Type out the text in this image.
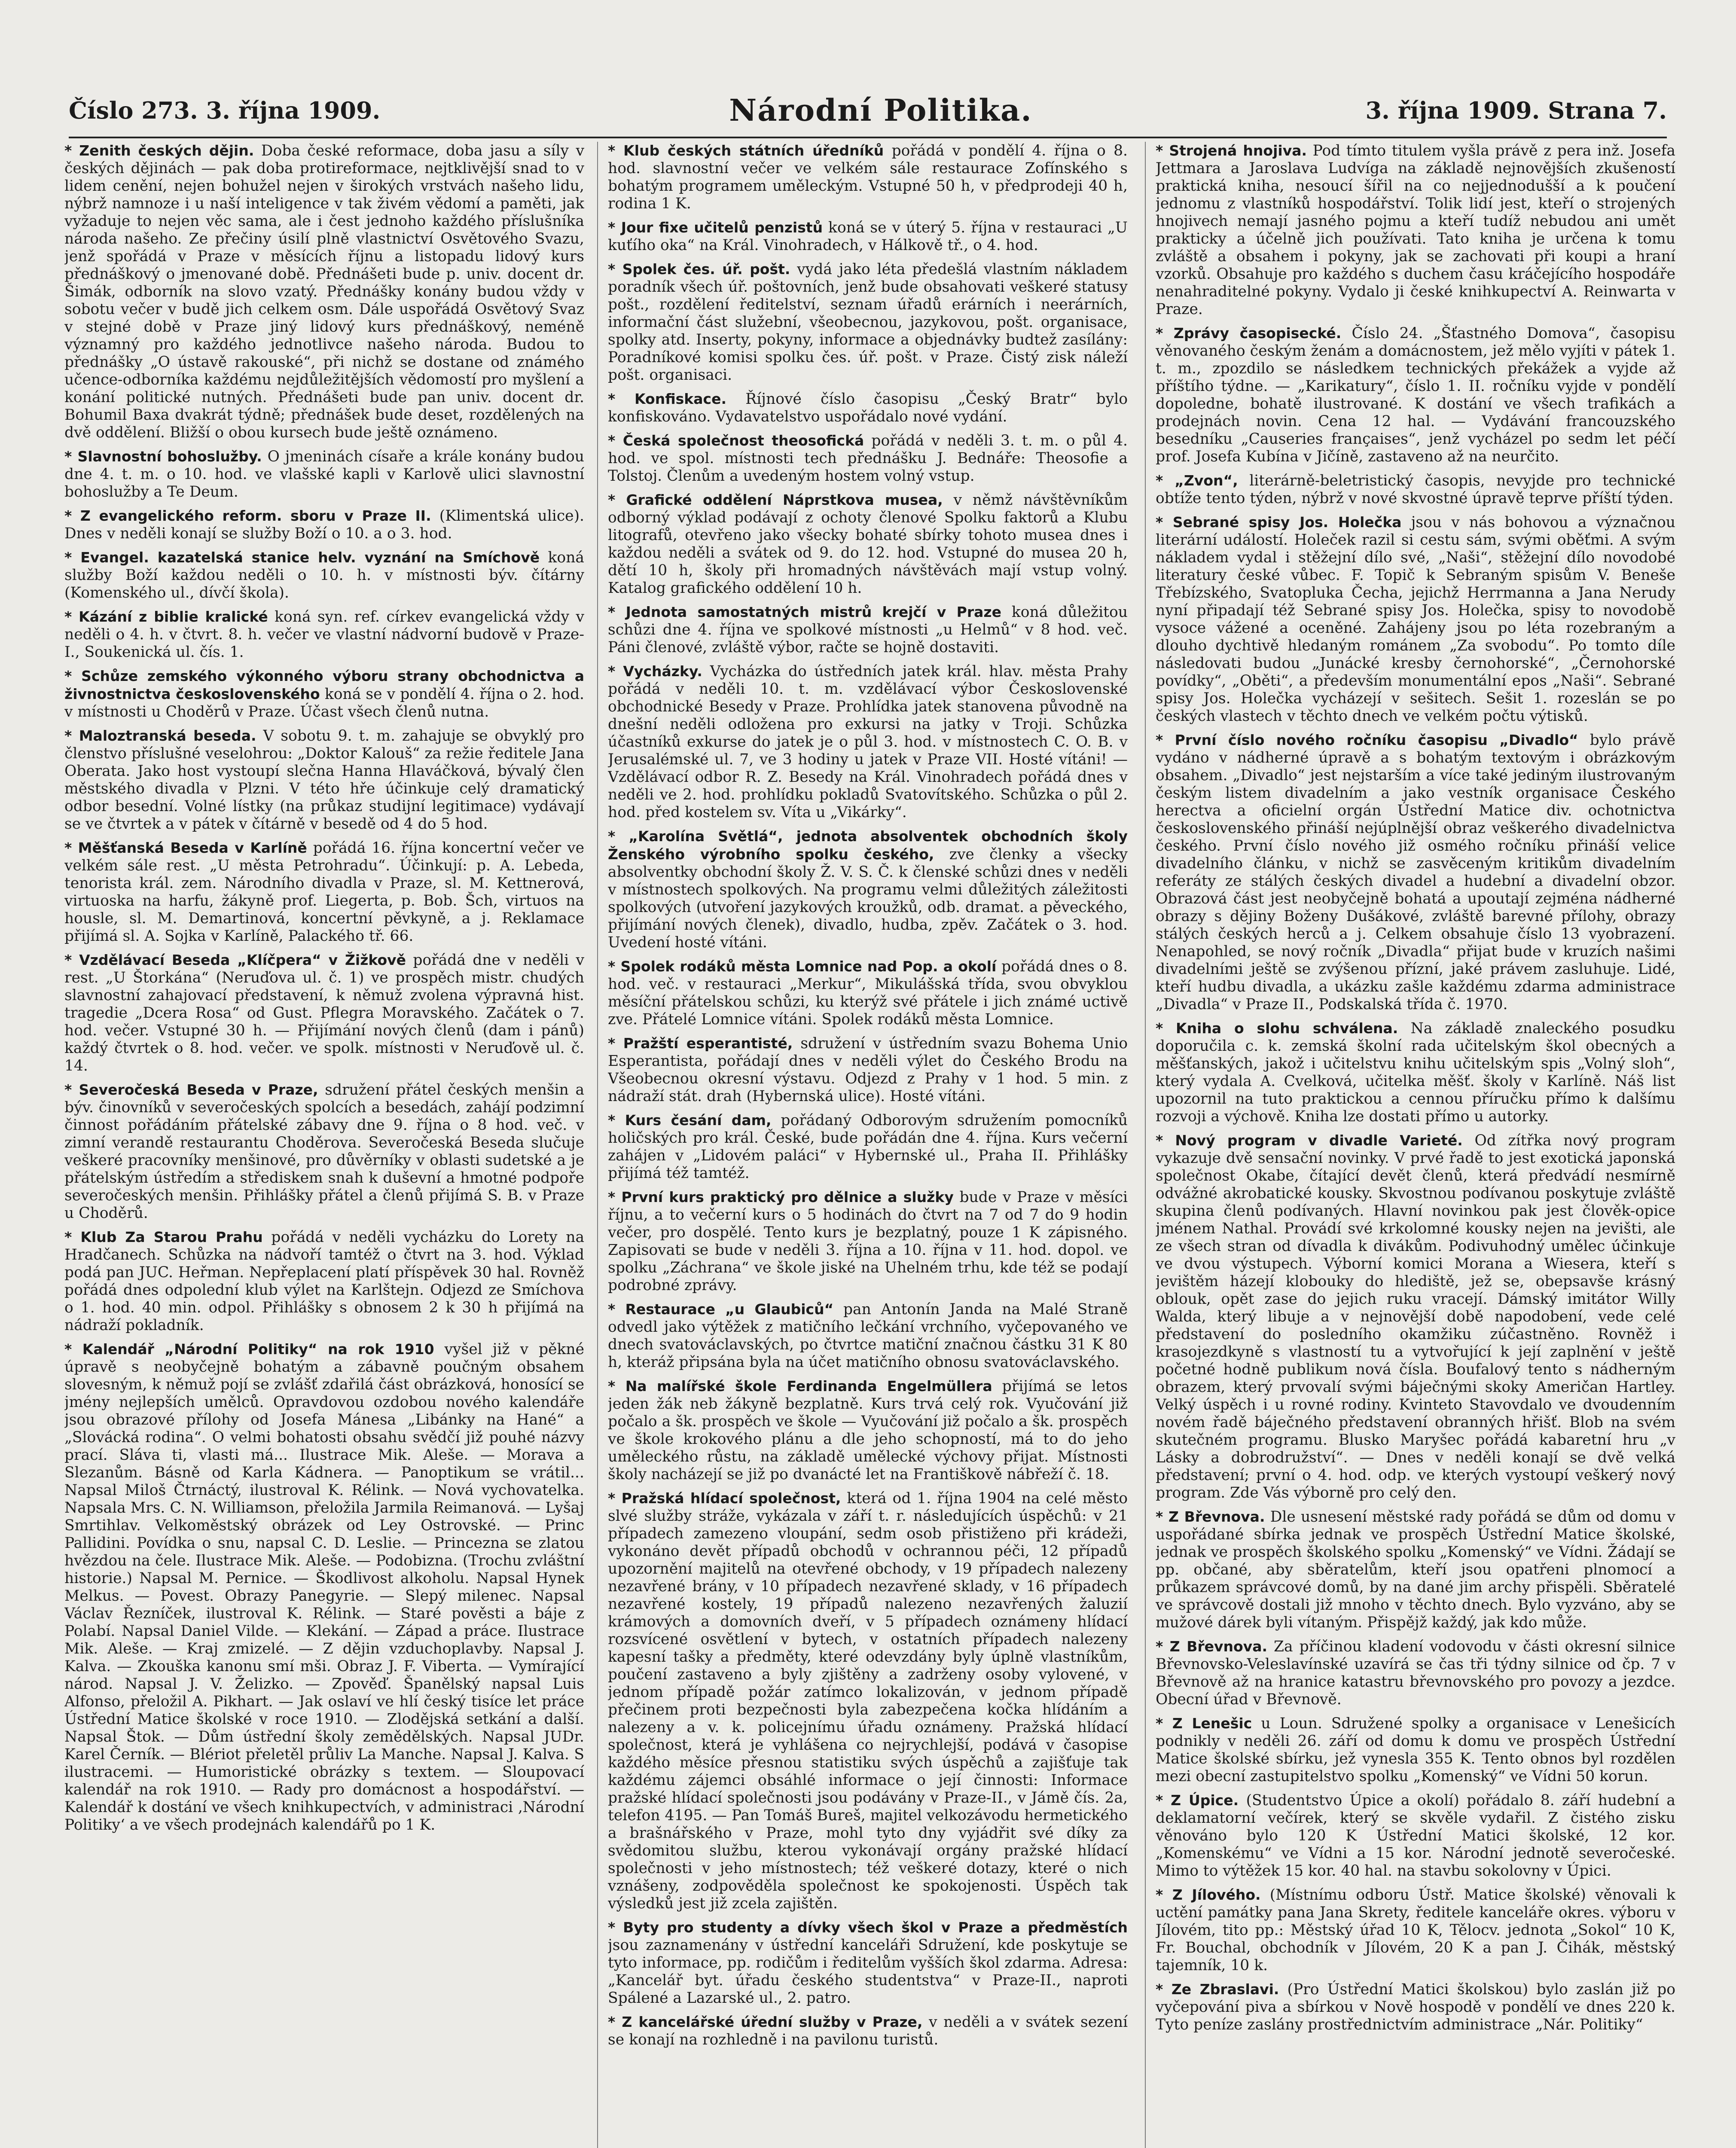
Číslo 273. 3. října 1909.	Národní Politika.	3. října 1909. Strana 7.

* Zenith českých dějin. Doba české reformace, doba jasu a síly v českých dějinách — pak doba protireformace, nejtklivější snad to v lidem cenění, nejen bohužel nejen v širokých vrstvách našeho lidu, nýbrž namnoze i u naší inteligence v tak živém vědomí a paměti, jak vyžaduje to nejen věc sama, ale i čest jednoho každého příslušníka národa našeho. Ze přečiny úsilí plně vlastnictví Osvětového Svazu, jenž spořádá v Praze v měsících říjnu a listopadu lidový kurs přednáškový o jmenované době. Přednášeti bude p. univ. docent dr. Šimák, odborník na slovo vzatý. Přednášky konány budou vždy v sobotu večer v budě jich celkem osm. Dále uspořádá Osvětový Svaz v stejné době v Praze jiný lidový kurs přednáškový, neméně významný pro každého jednotlivce našeho národa. Budou to přednášky „O ústavě rakouské“, při nichž se dostane od známého učence-odborníka každému nejdůležitějších vědomostí pro myšlení a konání politické nutných. Přednášeti bude pan univ. docent dr. Bohumil Baxa dvakrát týdně; přednášek bude deset, rozdělených na dvě oddělení. Bližší o obou kursech bude ještě oznámeno.

* Slavnostní bohoslužby. O jmeninách císaře a krále konány budou dne 4. t. m. o 10. hod. ve vlašské kapli v Karlově ulici slavnostní bohoslužby a Te Deum.

* Z evangelického reform. sboru v Praze II. (Klimentská ulice). Dnes v neděli konají se služby Boží o 10. a o 3. hod.

* Evangel. kazatelská stanice helv. vyznání na Smíchově koná služby Boží každou neděli o 10. h. v místnosti býv. čítárny (Komenského ul., dívčí škola).

* Kázání z biblie kralické koná syn. ref. církev evangelická vždy v neděli o 4. h. v čtvrt. 8. h. večer ve vlastní nádvorní budově v Praze-I., Soukenická ul. čís. 1.

* Schůze zemského výkonného výboru strany obchodnictva a živnostnictva československého koná se v pondělí 4. října o 2. hod. v místnosti u Choděrů v Praze. Účast všech členů nutna.

* Maloztranská beseda. V sobotu 9. t. m. zahajuje se obvyklý pro členstvo příslušné veselohrou: „Doktor Kalouš“ za režie ředitele Jana Oberata. Jako host vystoupí slečna Hanna Hlaváčková, bývalý člen městského divadla v Plzni. V této hře účinkuje celý dramatický odbor besední. Volné lístky (na průkaz studijní legitimace) vydávají se ve čtvrtek a v pátek v čítárně v besedě od 4 do 5 hod.

* Měšťanská Beseda v Karlíně pořádá 16. října koncertní večer ve velkém sále rest. „U města Petrohradu“. Účinkují: p. A. Lebeda, tenorista král. zem. Národního divadla v Praze, sl. M. Kettnerová, virtuoska na harfu, žákyně prof. Liegerta, p. Bob. Šch, virtuos na housle, sl. M. Demartinová, koncertní pěvkyně, a j. Reklamace přijímá sl. A. Sojka v Karlíně, Palackého tř. 66.

* Vzdělávací Beseda „Klíčpera“ v Žižkově pořádá dne v neděli v rest. „U Štorkána“ (Neruďova ul. č. 1) ve prospěch mistr. chudých slavnostní zahajovací představení, k němuž zvolena výpravná hist. tragedie „Dcera Rosa“ od Gust. Pflegra Moravského. Začátek o 7. hod. večer. Vstupné 30 h. — Přijímání nových členů (dam i pánů) každý čtvrtek o 8. hod. večer. ve spolk. místnosti v Neruďově ul. č. 14.

* Severočeská Beseda v Praze, sdružení přátel českých menšin a býv. činovníků v severočeských spolcích a besedách, zahájí podzimní činnost pořádáním přátelské zábavy dne 9. října o 8 hod. več. v zimní verandě restaurantu Choděrova. Severočeská Beseda slučuje veškeré pracovníky menšinové, pro důvěrníky v oblasti sudetské a je přátelským ústředím a střediskem snah k duševní a hmotné podpoře severočeských menšin. Přihlášky přátel a členů přijímá S. B. v Praze u Choděrů.

* Klub Za Starou Prahu pořádá v neděli vycházku do Lorety na Hradčanech. Schůzka na nádvoří tamtéž o čtvrt na 3. hod. Výklad podá pan JUC. Heřman. Nepřeplacení platí příspěvek 30 hal. Rovněž pořádá dnes odpolední klub výlet na Karlštejn. Odjezd ze Smíchova o 1. hod. 40 min. odpol. Přihlášky s obnosem 2 k 30 h přijímá na nádraží pokladník.

* Kalendář „Národní Politiky“ na rok 1910 vyšel již v pěkné úpravě s neobyčejně bohatým a zábavně poučným obsahem slovesným, k němuž pojí se zvlášť zdařilá část obrázková, honosící se jmény nejlepších umělců. Opravdovou ozdobou nového kalendáře jsou obrazové přílohy od Josefa Mánesa „Libánky na Hané“ a „Slovácká rodina“. O velmi bohatosti obsahu svědčí již pouhé názvy prací. Sláva ti, vlasti má... Ilustrace Mik. Aleše. — Morava a Slezanům. Básně od Karla Kádnera. — Panoptikum se vrátil... Napsal Miloš Čtrnáctý, ilustroval K. Rélink. — Nová vychovatelka. Napsala Mrs. C. N. Williamson, přeložila Jarmila Reimanová. — Lyšaj Smrtihlav. Velkoměstský obrázek od Ley Ostrovské. — Princ Pallidini. Povídka o snu, napsal C. D. Leslie. — Princezna se zlatou hvězdou na čele. Ilustrace Mik. Aleše. — Podobizna. (Trochu zvláštní historie.) Napsal M. Pernice. — Škodlivost alkoholu. Napsal Hynek Melkus. — Povest. Obrazy Panegyrie. — Slepý milenec. Napsal Václav Řezníček, ilustroval K. Rélink. — Staré pověsti a báje z Polabí. Napsal Daniel Vilde. — Klekání. — Západ a práce. Ilustrace Mik. Aleše. — Kraj zmizelé. — Z dějin vzduchoplavby. Napsal J. Kalva. — Zkouška kanonu smí mši. Obraz J. F. Viberta. — Vymírající národ. Napsal J. V. Želizko. — Zpověď. Španělský napsal Luis Alfonso, přeložil A. Pikhart. — Jak oslaví ve hlí český tisíce let práce Ústřední Matice školské v roce 1910. — Zlodějská setkání a další. Napsal Štok. — Dům ústřední školy zemědělských. Napsal JUDr. Karel Černík. — Blériot přeletěl průliv La Manche. Napsal J. Kalva. S ilustracemi. — Humoristické obrázky s textem. — Sloupovací kalendář na rok 1910. — Rady pro domácnost a hospodářství. — Kalendář k dostání ve všech knihkupectvích, v administraci ‚Národní Politiky‘ a ve všech prodejnách kalendářů po 1 K.

* Klub českých státních úředníků pořádá v pondělí 4. října o 8. hod. slavnostní večer ve velkém sále restaurace Zofínského s bohatým programem uměleckým. Vstupné 50 h, v předprodeji 40 h, rodina 1 K.

* Jour fixe učitelů penzistů koná se v úterý 5. října v restauraci „U kuťího oka“ na Král. Vinohradech, v Hálkově tř., o 4. hod.

* Spolek čes. úř. pošt. vydá jako léta předešlá vlastním nákladem poradník všech úř. poštovních, jenž bude obsahovati veškeré statusy pošt., rozdělení ředitelství, seznam úřadů erárních i neerárních, informační část služební, všeobecnou, jazykovou, pošt. organisace, spolky atd. Inserty, pokyny, informace a objednávky budtež zasílány: Poradníkové komisi spolku čes. úř. pošt. v Praze. Čistý zisk náleží pošt. organisaci.

* Konfiskace. Říjnové číslo časopisu „Český Bratr“ bylo konfiskováno. Vydavatelstvo uspořádalo nové vydání.

* Česká společnost theosofická pořádá v neděli 3. t. m. o půl 4. hod. ve spol. místnosti tech přednášku J. Bednáře: Theosofie a Tolstoj. Členům a uvedeným hostem volný vstup.

* Grafické oddělení Náprstkova musea, v němž návštěvníkům odborný výklad podávají z ochoty členové Spolku faktorů a Klubu litografů, otevřeno jako všecky bohaté sbírky tohoto musea dnes i každou neděli a svátek od 9. do 12. hod. Vstupné do musea 20 h, dětí 10 h, školy při hromadných návštěvách mají vstup volný. Katalog grafického oddělení 10 h.

* Jednota samostatných mistrů krejčí v Praze koná důležitou schůzi dne 4. října ve spolkové místnosti „u Helmů“ v 8 hod. več. Páni členové, zvláště výbor, račte se hojně dostaviti.

* Vycházky. Vycházka do ústředních jatek král. hlav. města Prahy pořádá v neděli 10. t. m. vzdělávací výbor Československé obchodnické Besedy v Praze. Prohlídka jatek stanovena původně na dnešní neděli odložena pro exkursi na jatky v Troji. Schůzka účastníků exkurse do jatek je o půl 3. hod. v místnostech C. O. B. v Jerusalémské ul. 7, ve 3 hodiny u jatek v Praze VII. Hosté vítáni! — Vzdělávací odbor R. Z. Besedy na Král. Vinohradech pořádá dnes v neděli ve 2. hod. prohlídku pokladů Svatovítského. Schůzka o půl 2. hod. před kostelem sv. Víta u „Vikárky“.

* „Karolína Světlá“, jednota absolventek obchodních školy Ženského výrobního spolku českého, zve členky a všecky absolventky obchodní školy Ž. V. S. Č. k členské schůzi dnes v neděli v místnostech spolkových. Na programu velmi důležitých záležitosti spolkových (utvoření jazykových kroužků, odb. dramat. a pěveckého, přijímání nových členek), divadlo, hudba, zpěv. Začátek o 3. hod. Uvedení hosté vítáni.

* Spolek rodáků města Lomnice nad Pop. a okolí pořádá dnes o 8. hod. več. v restauraci „Merkur“, Mikulášská třída, svou obvyklou měsíční přátelskou schůzi, ku kterýž své přátele i jich známé uctivě zve. Přátelé Lomnice vítáni. Spolek rodáků města Lomnice.

* Pražští esperantisté, sdružení v ústředním svazu Bohema Unio Esperantista, pořádají dnes v neděli výlet do Českého Brodu na Všeobecnou okresní výstavu. Odjezd z Prahy v 1 hod. 5 min. z nádraží stát. drah (Hybernská ulice). Hosté vítáni.

* Kurs česání dam, pořádaný Odborovým sdružením pomocníků holičských pro král. České, bude pořádán dne 4. října. Kurs večerní zahájen v „Lidovém paláci“ v Hybernské ul., Praha II. Přihlášky přijímá též tamtéž.

* První kurs praktický pro dělnice a služky bude v Praze v měsíci říjnu, a to večerní kurs o 5 hodinách do čtvrt na 7 od 7 do 9 hodin večer, pro dospělé. Tento kurs je bezplatný, pouze 1 K zápisného. Zapisovati se bude v neděli 3. října a 10. října v 11. hod. dopol. ve spolku „Záchrana“ ve škole jiské na Uhelném trhu, kde též se podají podrobné zprávy.

* Restaurace „u Glaubiců“ pan Antonín Janda na Malé Straně odvedl jako výtěžek z matičního lečkání vrchního, vyčepovaného ve dnech svatováclavských, po čtvrtce matiční značnou částku 31 K 80 h, kteráž připsána byla na účet matičního obnosu svatováclavského.

* Na malířské škole Ferdinanda Engelmüllera přijímá se letos jeden žák neb žákyně bezplatně. Kurs trvá celý rok. Vyučování již počalo a šk. prospěch ve škole — Vyučování již počalo a šk. prospěch ve škole krokového plánu a dle jeho schopností, má to do jeho uměleckého růstu, na základě umělecké výchovy přijat. Místnosti školy nacházejí se již po dvanácté let na Františkově nábřeží č. 18.

* Pražská hlídací společnost, která od 1. října 1904 na celé město slvé služby stráže, vykázala v září t. r. následujících úspěchů: v 21 případech zamezeno vloupání, sedm osob přistiženo při krádeži, vykonáno devět případů obchodů v ochrannou péči, 12 případů upozornění majitelů na otevřené obchody, v 19 případech nalezeny nezavřené brány, v 10 případech nezavřené sklady, v 16 případech nezavřené kostely, 19 případů nalezeno nezavřených žaluzií krámových a domovních dveří, v 5 případech oznámeny hlídací rozsvícené osvětlení v bytech, v ostatních případech nalezeny kapesní tašky a předměty, které odevzdány byly úplně vlastníkům, poučení zastaveno a byly zjištěny a zadrženy osoby vylovené, v jednom případě požár zatímco lokalizován, v jednom případě přečinem proti bezpečnosti byla zabezpečena kočka hlídáním a nalezeny a v. k. policejnímu úřadu oznámeny. Pražská hlídací společnost, která je vyhlášena co nejrychlejší, podává v časopise každého měsíce přesnou statistiku svých úspěchů a zajišťuje tak každému zájemci obsáhlé informace o její činnosti: Informace pražské hlídací společnosti jsou podávány v Praze-II., v Jámě čís. 2a, telefon 4195. — Pan Tomáš Bureš, majitel velkozávodu hermetického a brašnářského v Praze, mohl tyto dny vyjádřit své díky za svědomitou službu, kterou vykonávají orgány pražské hlídací společnosti v jeho místnostech; též veškeré dotazy, které o nich vznášeny, zodpověděla společnost ke spokojenosti. Úspěch tak výsledků jest již zcela zajištěn.

* Byty pro studenty a dívky všech škol v Praze a předměstích jsou zaznamenány v ústřední kanceláři Sdružení, kde poskytuje se tyto informace, pp. rodičům i ředitelům vyšších škol zdarma. Adresa: „Kancelář byt. úřadu českého studentstva“ v Praze-II., naproti Spálené a Lazarské ul., 2. patro.

* Z kancelářské úřední služby v Praze, v neděli a v svátek sezení se konají na rozhledně i na pavilonu turistů.

* Strojená hnojiva. Pod tímto titulem vyšla právě z pera inž. Josefa Jettmara a Jaroslava Ludvíga na základě nejnovějších zkušeností praktická kniha, nesoucí šířil na co nejjednodušší a k poučení jednomu z vlastníků hospodářství. Tolik lidí jest, kteří o strojených hnojivech nemají jasného pojmu a kteří tudíž nebudou ani umět prakticky a účelně jich používati. Tato kniha je určena k tomu zvláště a obsahem i pokyny, jak se zachovati při koupi a hraní vzorků. Obsahuje pro každého s duchem času kráčejícího hospodáře nenahraditelné pokyny. Vydalo ji české knihkupectví A. Reinwarta v Praze.

* Zprávy časopisecké. Číslo 24. „Šťastného Domova“, časopisu věnovaného českým ženám a domácnostem, jež mělo vyjíti v pátek 1. t. m., zpozdilo se následkem technických překážek a vyjde až příštího týdne. — „Karikatury“, číslo 1. II. ročníku vyjde v pondělí dopoledne, bohatě ilustrované. K dostání ve všech trafikách a prodejnách novin. Cena 12 hal. — Vydávání francouzského besedníku „Causeries françaises“, jenž vycházel po sedm let péčí prof. Josefa Kubína v Jičíně, zastaveno až na neurčito.

* „Zvon“, literárně-beletristický časopis, nevyjde pro technické obtíže tento týden, nýbrž v nové skvostné úpravě teprve příští týden.

* Sebrané spisy Jos. Holečka jsou v nás bohovou a význačnou literární událostí. Holeček razil si cestu sám, svými oběťmi. A svým nákladem vydal i stěžejní dílo své, „Naši“, stěžejní dílo novodobé literatury české vůbec. F. Topič k Sebraným spisům V. Beneše Třebízského, Svatopluka Čecha, jejichž Herrmanna a Jana Nerudy nyní připadají též Sebrané spisy Jos. Holečka, spisy to novodobě vysoce vážené a oceněné. Zahájeny jsou po léta rozebraným a dlouho dychtivě hledaným románem „Za svobodu“. Po tomto díle následovati budou „Junácké kresby černohorské“, „Černohorské povídky“, „Oběti“, a především monumentální epos „Naši“. Sebrané spisy Jos. Holečka vycházejí v sešitech. Sešit 1. rozeslán se po českých vlastech v těchto dnech ve velkém počtu výtisků.

* První číslo nového ročníku časopisu „Divadlo“ bylo právě vydáno v nádherné úpravě a s bohatým textovým i obrázkovým obsahem. „Divadlo“ jest nejstarším a více také jediným ilustrovaným českým listem divadelním a jako vestník organisace Českého herectva a oficielní orgán Ústřední Matice div. ochotnictva československého přináší nejúplnější obraz veškerého divadelnictva českého. První číslo nového již osmého ročníku přináší velice divadelního článku, v nichž se zasvěceným kritikům divadelním referáty ze stálých českých divadel a hudební a divadelní obzor. Obrazová část jest neobyčejně bohatá a upoutají zejména nádherné obrazy s dějiny Boženy Dušákové, zvláště barevné přílohy, obrazy stálých českých herců a j. Celkem obsahuje číslo 13 vyobrazení. Nenapohled, se nový ročník „Divadla“ přijat bude v kruzích našimi divadelními ještě se zvýšenou přízní, jaké právem zasluhuje. Lidé, kteří hudbu divadla, a ukázku zašle každému zdarma administrace „Divadla“ v Praze II., Podskalská třída č. 1970.

* Kniha o slohu schválena. Na základě znaleckého posudku doporučila c. k. zemská školní rada učitelským škol obecných a měšťanských, jakož i učitelstvu knihu učitelským spis „Volný sloh“, který vydala A. Cvelková, učitelka měšť. školy v Karlíně. Náš list upozornil na tuto praktickou a cennou příručku přímo k dalšímu rozvoji a výchově. Kniha lze dostati přímo u autorky.

* Nový program v divadle Varieté. Od zítřka nový program vykazuje dvě sensační novinky. V prvé řadě to jest exotická japonská společnost Okabe, čítající devět členů, která předvádí nesmírně odvážné akrobatické kousky. Skvostnou podívanou poskytuje zvláště skupina členů podívaných. Hlavní novinkou pak jest člověk-opice jménem Nathal. Provádí své krkolomné kousky nejen na jevišti, ale ze všech stran od dívadla k divákům. Podivuhodný umělec účinkuje ve dvou výstupech. Výborní komici Morana a Wiesera, kteří s jevištěm házejí klobouky do hlediště, jež se, obepsavše krásný oblouk, opět zase do jejich ruku vracejí. Dámský imitátor Willy Walda, který libuje a v nejnovější době napodobení, vede celé představení do posledního okamžiku zúčastněno. Rovněž i krasojezdkyně s vlastností tu a vytvořující k její zaplnění v ještě početné hodně publikum nová čísla. Boufalový tento s nádherným obrazem, který prvovalí svými báječnými skoky Američan Hartley. Velký úspěch i u rovné rodiny. Kvinteto Stavovdalo ve dvoudenním novém řadě báječného představení obranných hřišť. Blob na svém skutečném programu. Blusko Maryšec pořádá kabaretní hru „v Lásky a dobrodružství“. — Dnes v neděli konají se dvě velká představení; první o 4. hod. odp. ve kterých vystoupí veškerý nový program. Zde Vás výborně pro celý den.

* Z Břevnova. Dle usnesení městské rady pořádá se dům od domu v uspořádané sbírka jednak ve prospěch Ústřední Matice školské, jednak ve prospěch školského spolku „Komenský“ ve Vídni. Žádají se pp. občané, aby sběratelům, kteří jsou opatřeni plnomocí a průkazem správcové domů, by na dané jim archy přispěli. Sběratelé ve správcově dostali již mnoho v těchto dnech. Bylo vyzváno, aby se mužové dárek byli vítaným. Přispějž každý, jak kdo může.

* Z Břevnova. Za příčinou kladení vodovodu v části okresní silnice Břevnovsko-Veleslavínské uzavírá se čas tři týdny silnice od čp. 7 v Břevnově až na hranice katastru břevnovského pro povozy a jezdce. Obecní úřad v Břevnově.

* Z Lenešic u Loun. Sdružené spolky a organisace v Lenešicích podnikly v neděli 26. září od domu k domu ve prospěch Ústřední Matice školské sbírku, jež vynesla 355 K. Tento obnos byl rozdělen mezi obecní zastupitelstvo spolku „Komenský“ ve Vídni 50 korun.

* Z Úpice. (Studentstvo Úpice a okolí) pořádalo 8. září hudební a deklamatorní večírek, který se skvěle vydařil. Z čistého zisku věnováno bylo 120 K Ústřední Matici školské, 12 kor. „Komenskému“ ve Vídni a 15 kor. Národní jednotě severočeské. Mimo to výtěžek 15 kor. 40 hal. na stavbu sokolovny v Úpici.

* Z Jílového. (Místnímu odboru Ústř. Matice školské) věnovali k uctění památky pana Jana Skrety, ředitele kanceláře okres. výboru v Jílovém, tito pp.: Městský úřad 10 K, Tělocv. jednota „Sokol“ 10 K, Fr. Bouchal, obchodník v Jílovém, 20 K a pan J. Čihák, městský tajemník, 10 k.

* Ze Zbraslavi. (Pro Ústřední Matici školskou) bylo zaslán již po vyčepování piva a sbírkou v Nově hospodě v pondělí ve dnes 220 k. Tyto peníze zaslány prostřednictvím administrace „Nár. Politiky“
